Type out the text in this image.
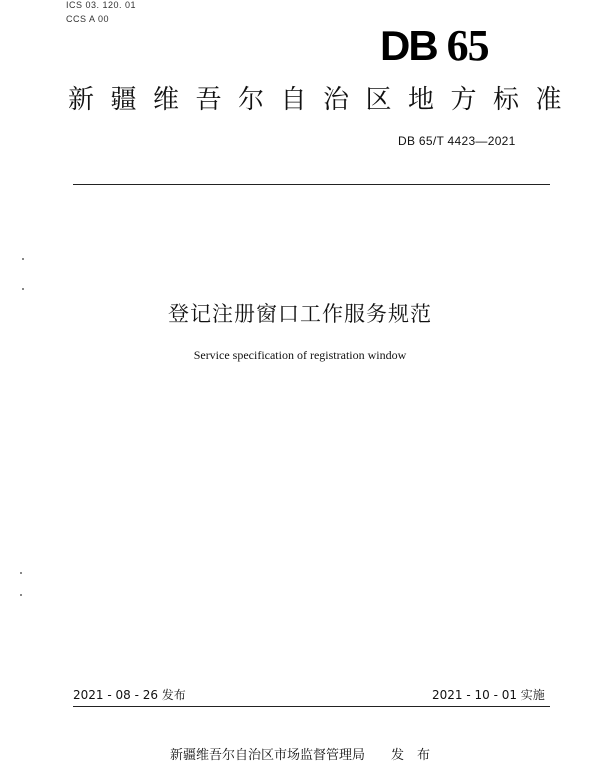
ICS 03. 120. 01
CCS A 00
DB 65
新疆维吾尔自治区地方标准
DB 65/T 4423—2021
登记注册窗口工作服务规范
Service specification of registration window
2021 - 08 - 26 发布	2021 - 10 - 01 实施
新疆维吾尔自治区市场监督管理局　　发　布
